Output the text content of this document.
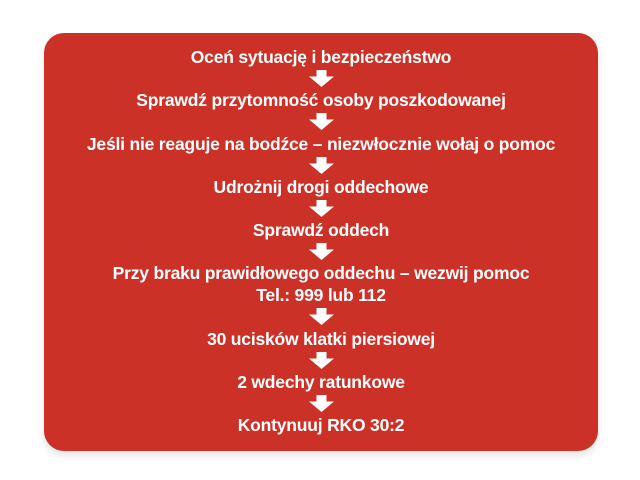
Oceń sytuację i bezpieczeństwo
Sprawdź przytomność osoby poszkodowanej
Jeśli nie reaguje na bodźce – niezwłocznie wołaj o pomoc
Udrożnij drogi oddechowe
Sprawdź oddech
Przy braku prawidłowego oddechu – wezwij pomoc
Tel.: 999 lub 112
30 ucisków klatki piersiowej
2 wdechy ratunkowe
Kontynuuj RKO 30:2
